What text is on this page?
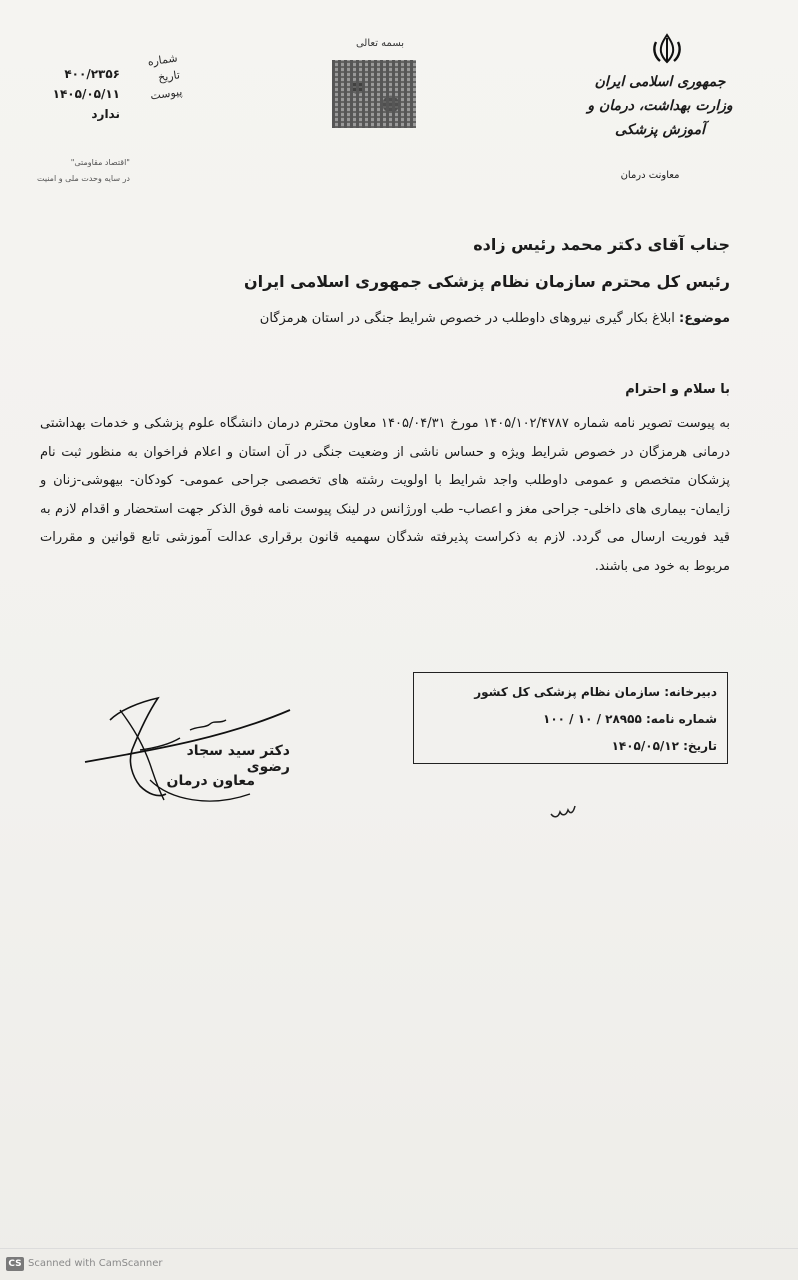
۴۰۰/۲۳۵۶
۱۴۰۵/۰۵/۱۱
ندارد
شماره
تاریخ
پیوست
"اقتصاد مقاومتی"
در سایه وحدت ملی و امنیت
بسمه تعالی
جمهوری اسلامی ایران
وزارت بهداشت، درمان و آموزش پزشکی
معاونت درمان
جناب آقای دکتر محمد رئیس زاده
رئیس کل محترم سازمان نظام پزشکی جمهوری اسلامی ایران
موضوع: ابلاغ بکار گیری نیروهای داوطلب در خصوص شرایط جنگی در استان هرمزگان
با سلام و احترام
به پیوست تصویر نامه شماره ۱۴۰۵/۱۰۲/۴۷۸۷ مورخ ۱۴۰۵/۰۴/۳۱ معاون محترم درمان دانشگاه علوم پزشکی و خدمات بهداشتی درمانی هرمزگان در خصوص شرایط ویژه و حساس ناشی از وضعیت جنگی در آن استان و اعلام فراخوان به منظور ثبت نام پزشکان متخصص و عمومی داوطلب واجد شرایط با اولویت رشته های تخصصی جراحی عمومی- کودکان- بیهوشی-زنان و زایمان- بیماری های داخلی- جراحی مغز و اعصاب- طب اورژانس در لینک پیوست نامه فوق الذکر جهت استحضار و اقدام لازم به قید فوریت ارسال می گردد. لازم به ذکراست پذیرفته شدگان سهمیه قانون برقراری عدالت آموزشی تابع قوانین و مقررات مربوط به خود می باشند.
دبیرخانه: سازمان نظام پزشکی کل کشور
شماره نامه: ۲۸۹۵۵ / ۱۰ / ۱۰۰
تاریخ: ۱۴۰۵/۰۵/۱۲
دکتر سید سجاد رضوی
معاون درمان
CS Scanned with CamScanner
